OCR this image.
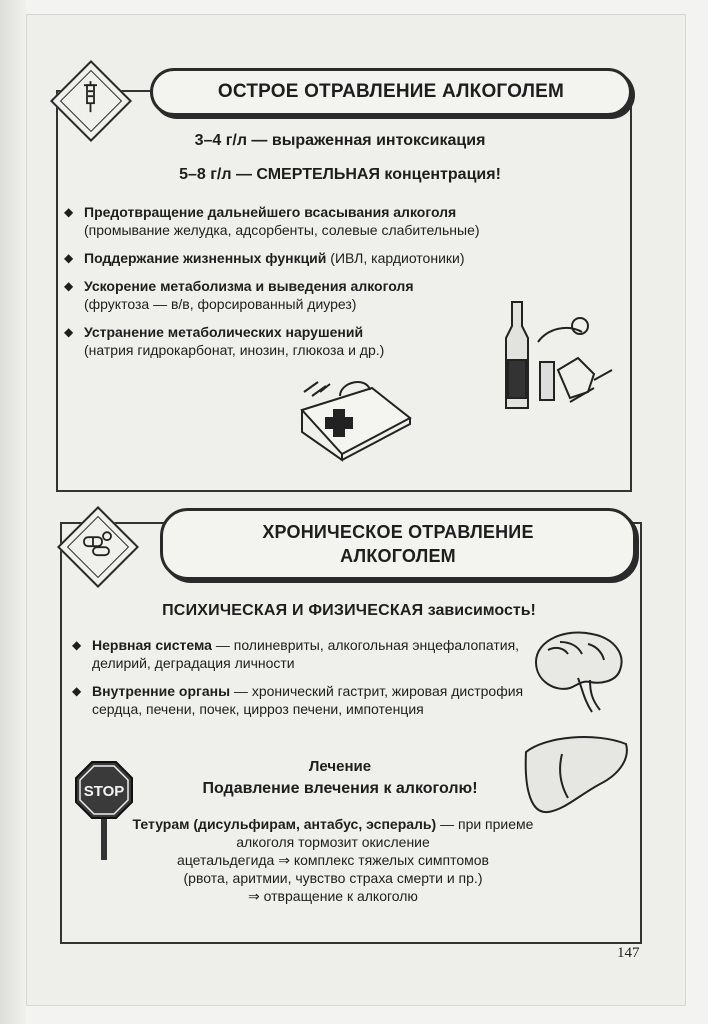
ОСТРОЕ ОТРАВЛЕНИЕ АЛКОГОЛЕМ
3–4 г/л — выраженная интоксикация
5–8 г/л — СМЕРТЕЛЬНАЯ концентрация!
◆ Предотвращение дальнейшего всасывания алкоголя
(промывание желудка, адсорбенты, солевые слабительные)
◆ Поддержание жизненных функций (ИВЛ, кардиотоники)
◆ Ускорение метаболизма и выведения алкоголя
(фруктоза — в/в, форсированный диурез)
◆ Устранение метаболических нарушений
(натрия гидрокарбонат, инозин, глюкоза и др.)
ХРОНИЧЕСКОЕ ОТРАВЛЕНИЕ
АЛКОГОЛЕМ
ПСИХИЧЕСКАЯ И ФИЗИЧЕСКАЯ зависимость!
◆ Нервная система — полиневриты, алкогольная энцефалопатия, делирий, деградация личности
◆ Внутренние органы — хронический гастрит, жировая дистрофия сердца, печени, почек, цирроз печени, импотенция
STOP
Лечение
Подавление влечения к алкоголю!
Тетурам (дисульфирам, антабус, эспераль) — при приеме алкоголя тормозит окисление
ацетальдегида ⇒ комплекс тяжелых симптомов
(рвота, аритмии, чувство страха смерти и пр.)
⇒ отвращение к алкоголю
147
